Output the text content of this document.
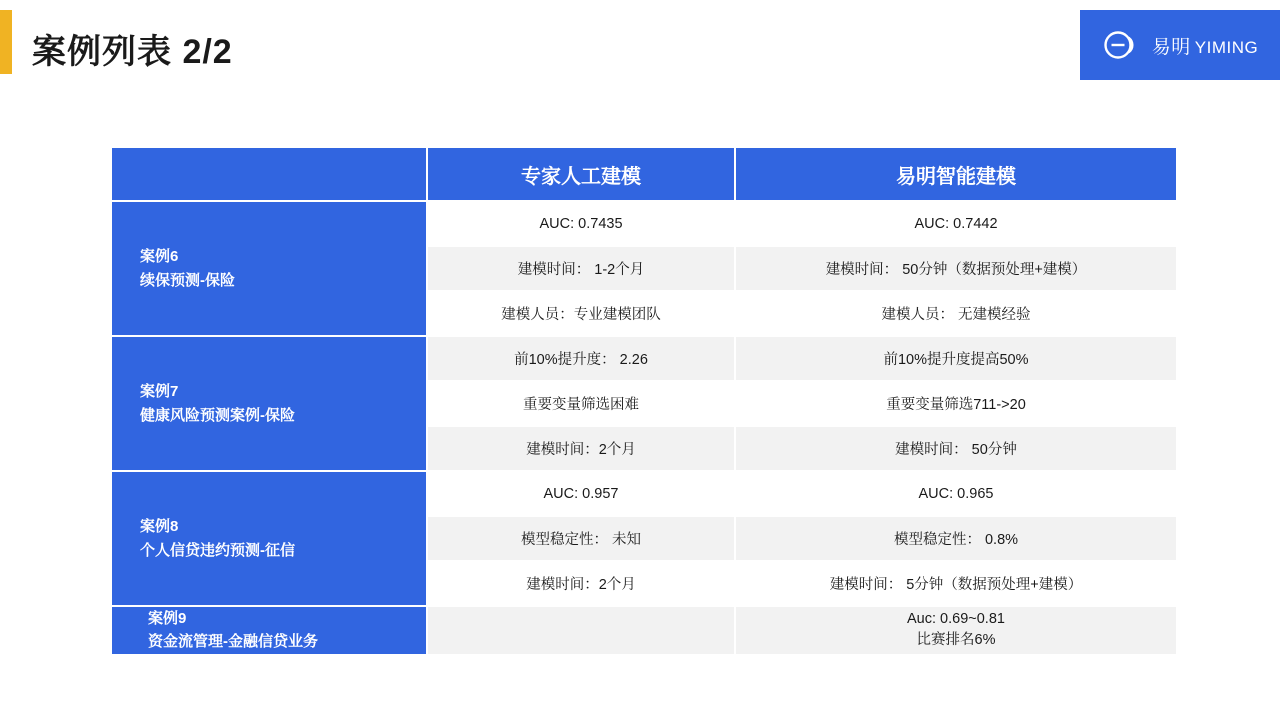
案例列表 2/2	易明 YIMING
	专家人工建模	易明智能建模
案例6
续保预测-保险	AUC: 0.7435	AUC: 0.7442
	建模时间： 1-2个月	建模时间： 50分钟（数据预处理+建模）
	建模人员：专业建模团队	建模人员： 无建模经验
案例7
健康风险预测案例-保险	前10%提升度： 2.26	前10%提升度提高50%
	重要变量筛选困难	重要变量筛选711->20
	建模时间：2个月	建模时间： 50分钟
案例8
个人信贷违约预测-征信	AUC: 0.957	AUC: 0.965
	模型稳定性： 未知	模型稳定性： 0.8%
	建模时间：2个月	建模时间： 5分钟（数据预处理+建模）
案例9
资金流管理-金融信贷业务		Auc: 0.69~0.81
比赛排名6%
